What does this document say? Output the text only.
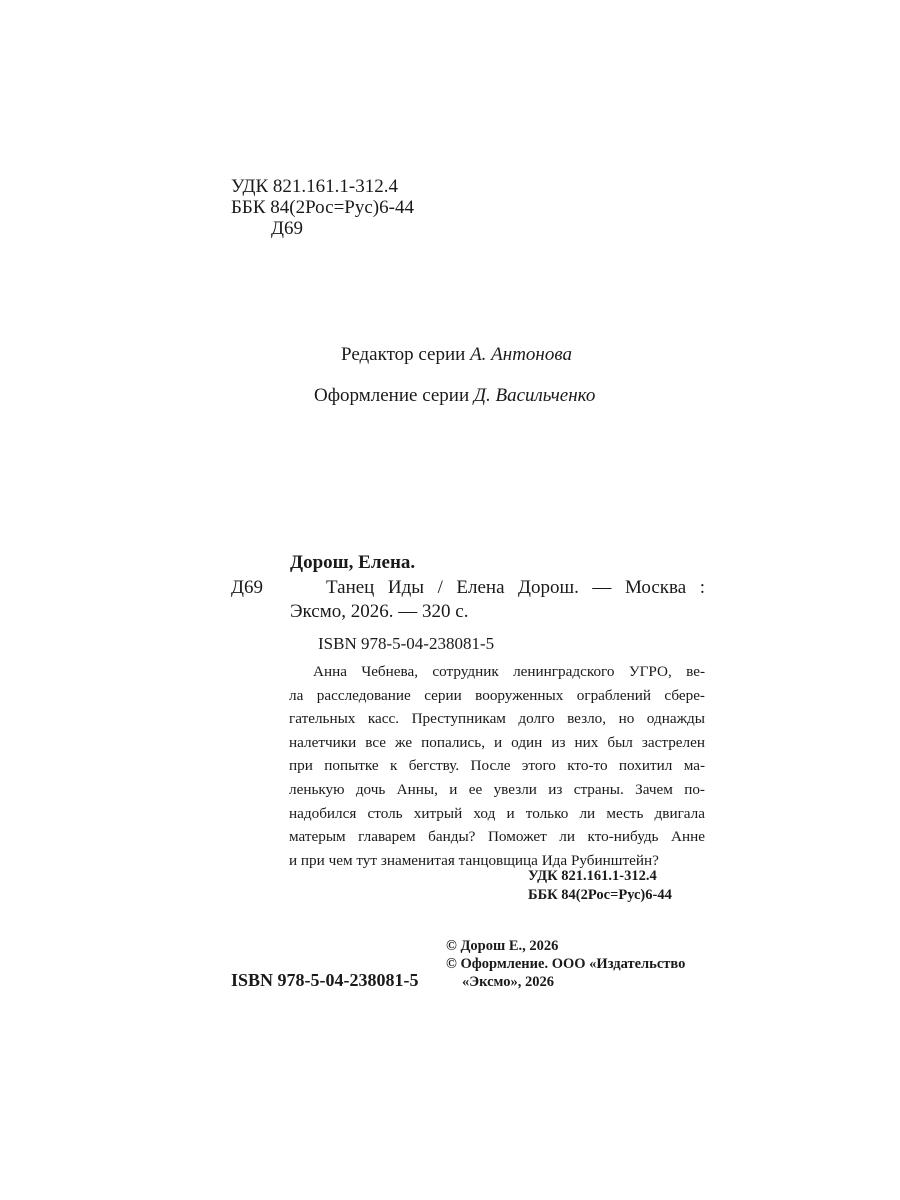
УДК 821.161.1-312.4
ББК 84(2Рос=Рус)6-44
Д69
Редактор серии А. Антонова
Оформление серии Д. Васильченко
Дорош, Елена.
Д69	Танец Иды / Елена Дорош. — Москва :
Эксмо, 2026. — 320 с.
ISBN 978-5-04-238081-5
Анна Чебнева, сотрудник ленинградского УГРО, ве-
ла расследование серии вооруженных ограблений сбере-
гательных касс. Преступникам долго везло, но однажды
налетчики все же попались, и один из них был застрелен
при попытке к бегству. После этого кто-то похитил ма-
ленькую дочь Анны, и ее увезли из страны. Зачем по-
надобился столь хитрый ход и только ли месть двигала
матерым главарем банды? Поможет ли кто-нибудь Анне
и при чем тут знаменитая танцовщица Ида Рубинштейн?
УДК 821.161.1-312.4
ББК 84(2Рос=Рус)6-44
© Дорош Е., 2026
© Оформление. ООО «Издательство
«Эксмо», 2026
ISBN 978-5-04-238081-5
